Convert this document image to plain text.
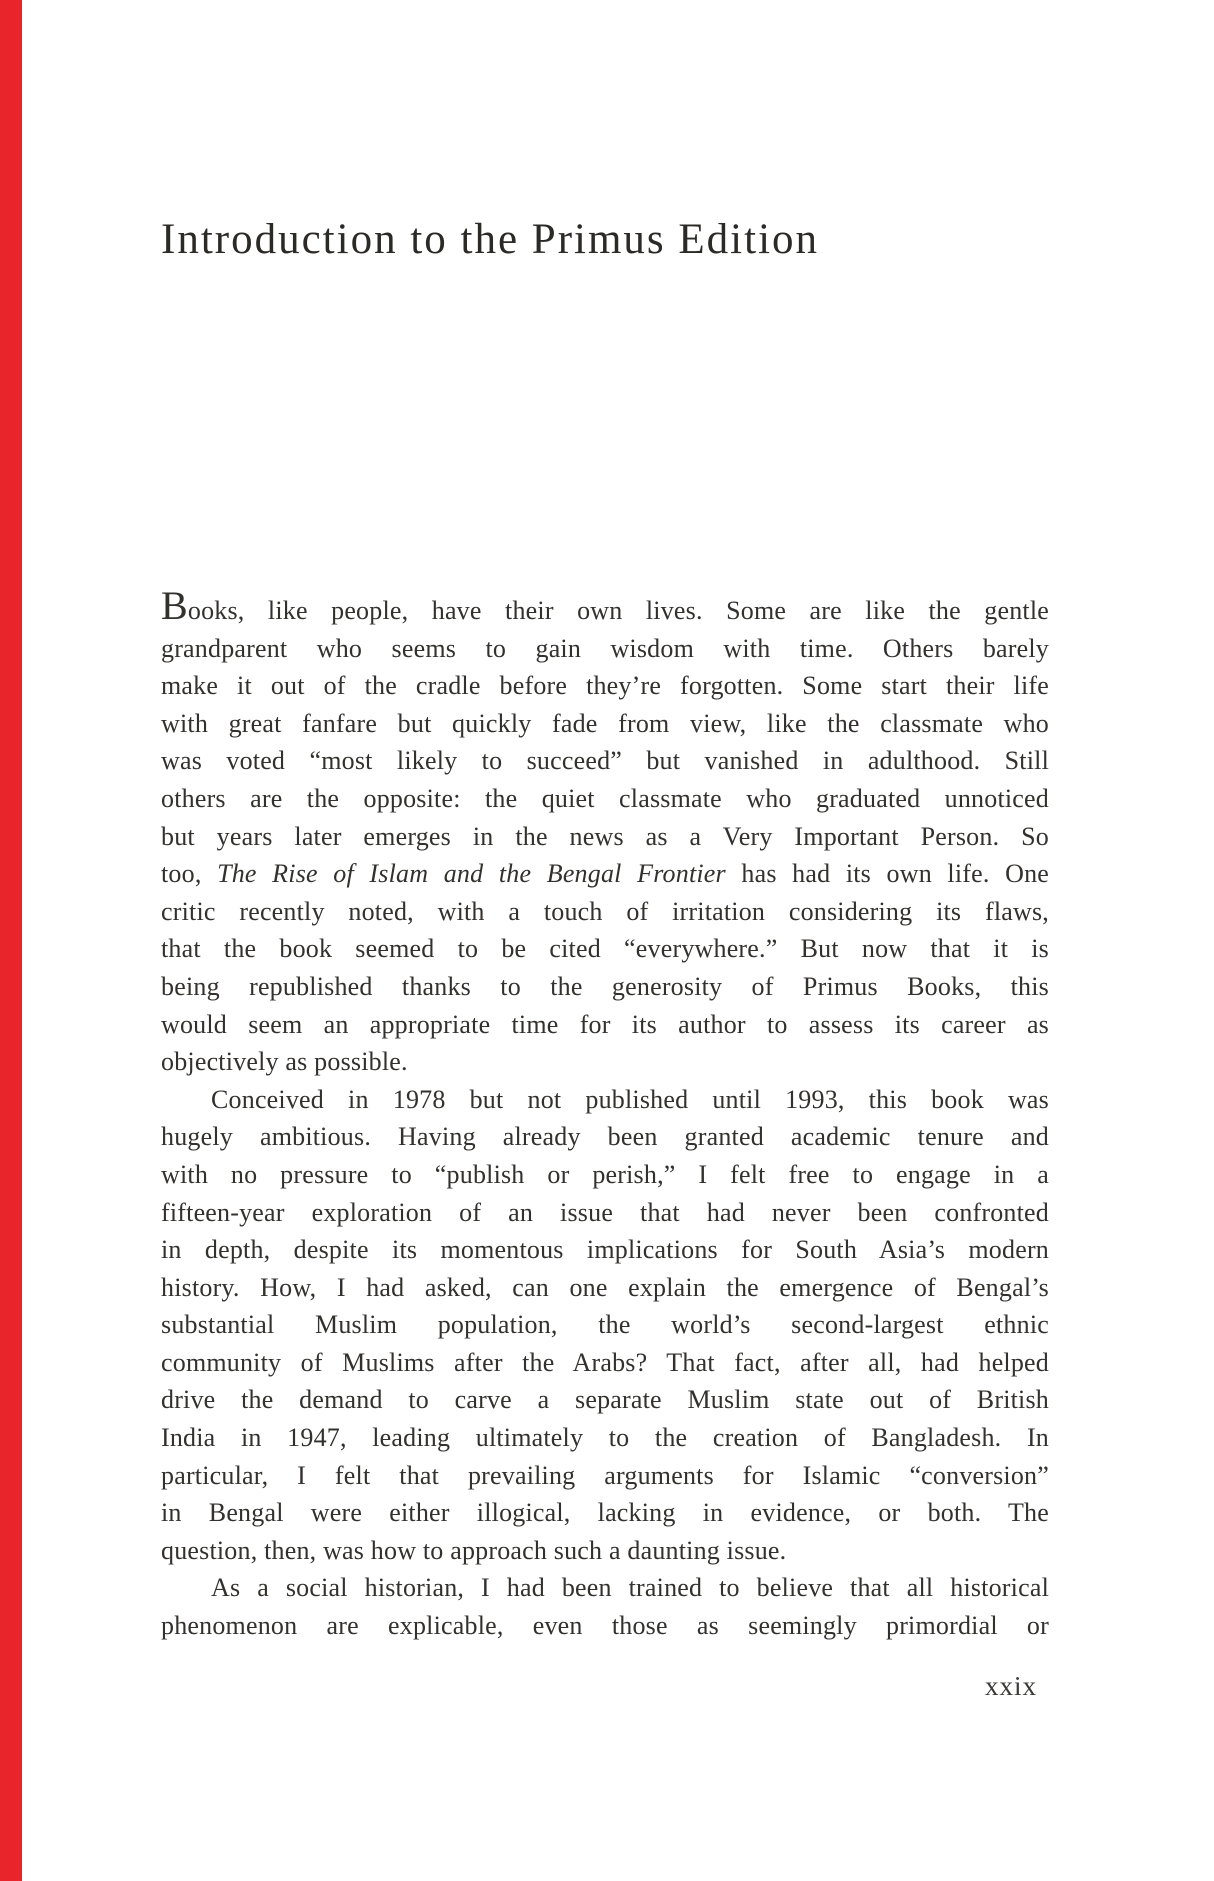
Introduction to the Primus Edition
Books, like people, have their own lives. Some are like the gentle
grandparent who seems to gain wisdom with time. Others barely
make it out of the cradle before they’re forgotten. Some start their life
with great fanfare but quickly fade from view, like the classmate who
was voted “most likely to succeed” but vanished in adulthood. Still
others are the opposite: the quiet classmate who graduated unnoticed
but years later emerges in the news as a Very Important Person. So
too, The Rise of Islam and the Bengal Frontier has had its own life. One
critic recently noted, with a touch of irritation considering its flaws,
that the book seemed to be cited “everywhere.” But now that it is
being republished thanks to the generosity of Primus Books, this
would seem an appropriate time for its author to assess its career as
objectively as possible.
Conceived in 1978 but not published until 1993, this book was
hugely ambitious. Having already been granted academic tenure and
with no pressure to “publish or perish,” I felt free to engage in a
fifteen-year exploration of an issue that had never been confronted
in depth, despite its momentous implications for South Asia’s modern
history. How, I had asked, can one explain the emergence of Bengal’s
substantial Muslim population, the world’s second-largest ethnic
community of Muslims after the Arabs? That fact, after all, had helped
drive the demand to carve a separate Muslim state out of British
India in 1947, leading ultimately to the creation of Bangladesh. In
particular, I felt that prevailing arguments for Islamic “conversion”
in Bengal were either illogical, lacking in evidence, or both. The
question, then, was how to approach such a daunting issue.
As a social historian, I had been trained to believe that all historical
phenomenon are explicable, even those as seemingly primordial or
xxix
